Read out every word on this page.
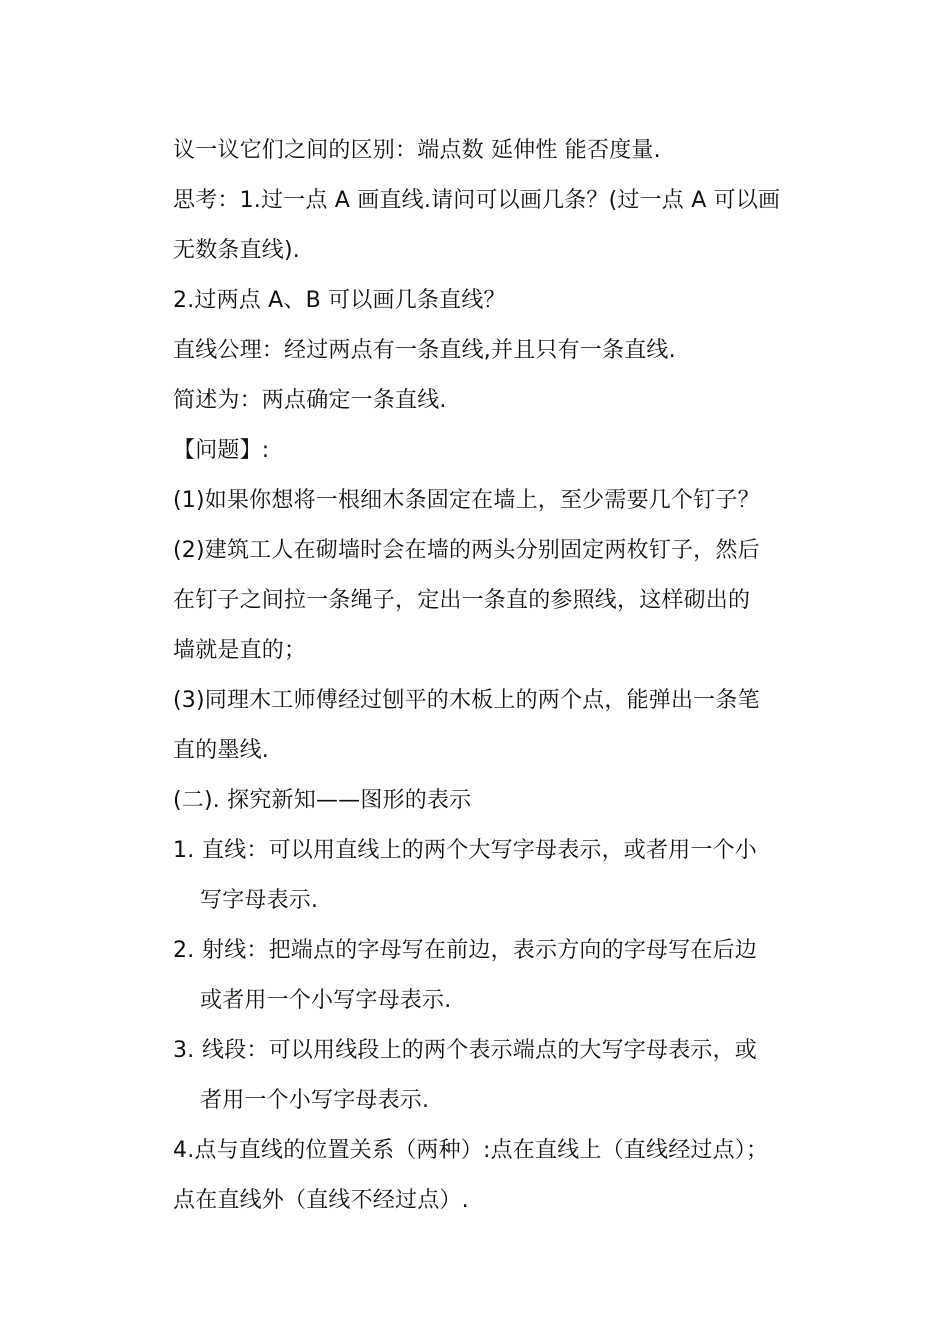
议一议它们之间的区别：端点数 延伸性 能否度量.
思考：1.过一点 A 画直线.请问可以画几条？(过一点 A 可以画
无数条直线).
2.过两点 A、B 可以画几条直线？
直线公理：经过两点有一条直线,并且只有一条直线.
简述为：两点确定一条直线.
【问题】:
(1)如果你想将一根细木条固定在墙上，至少需要几个钉子？
(2)建筑工人在砌墙时会在墙的两头分别固定两枚钉子，然后
在钉子之间拉一条绳子，定出一条直的参照线，这样砌出的
墙就是直的；
(3)同理木工师傅经过刨平的木板上的两个点，能弹出一条笔
直的墨线.
(二). 探究新知——图形的表示
1. 直线：可以用直线上的两个大写字母表示，或者用一个小
写字母表示.
2. 射线：把端点的字母写在前边，表示方向的字母写在后边
或者用一个小写字母表示.
3. 线段：可以用线段上的两个表示端点的大写字母表示，或
者用一个小写字母表示.
4.点与直线的位置关系（两种）:点在直线上（直线经过点）；
点在直线外（直线不经过点）.
